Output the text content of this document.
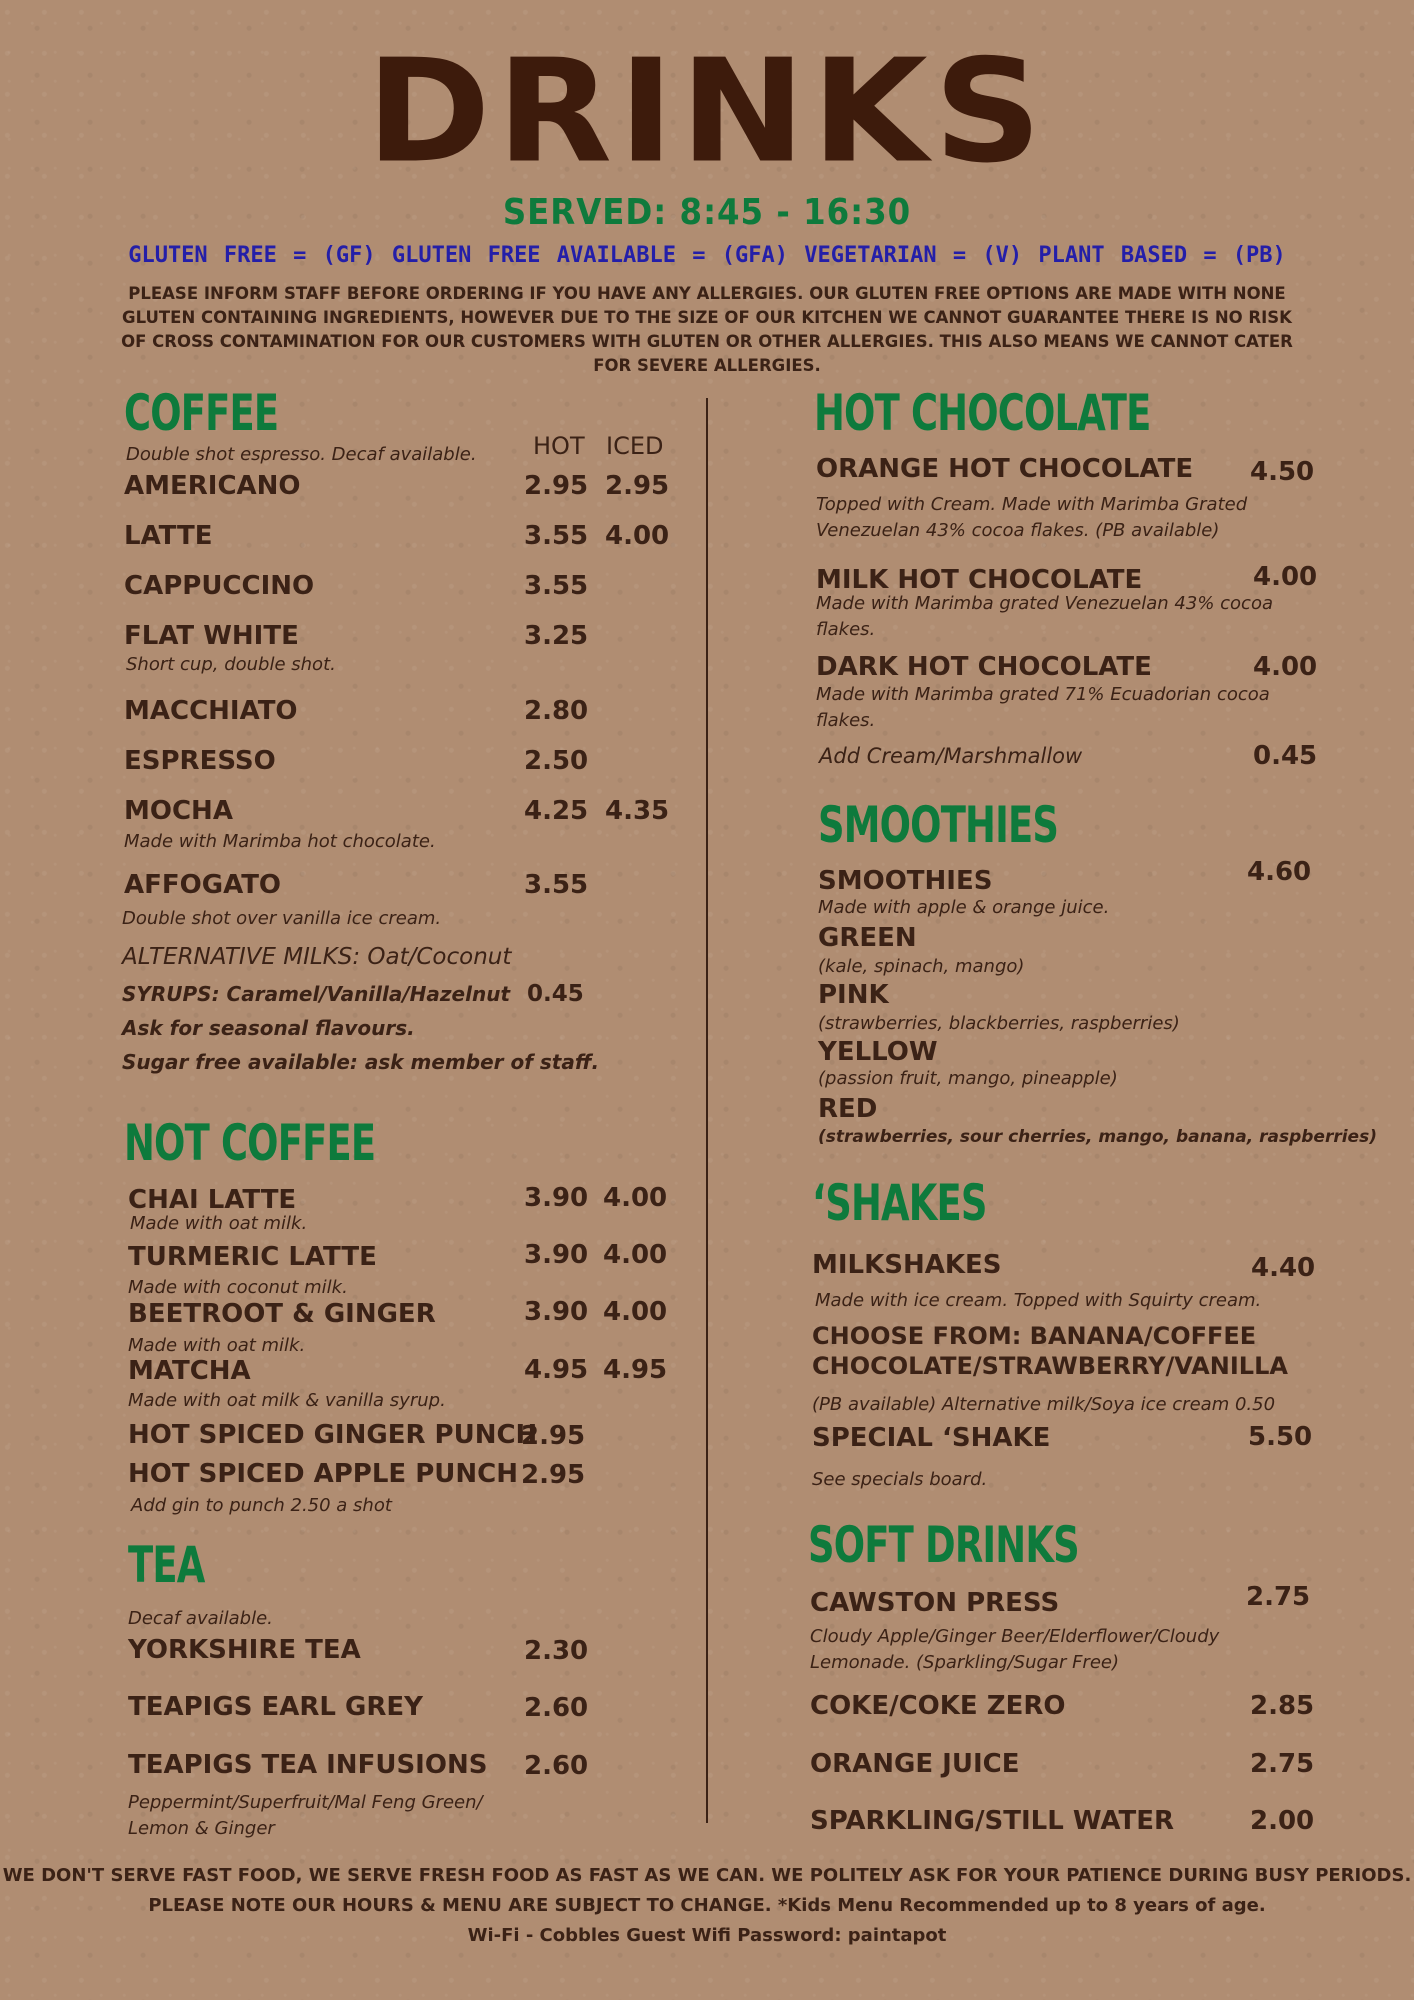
DRINKS
SERVED: 8:45 - 16:30
GLUTEN FREE = (GF) GLUTEN FREE AVAILABLE = (GFA) VEGETARIAN = (V) PLANT BASED = (PB)
PLEASE INFORM STAFF BEFORE ORDERING IF YOU HAVE ANY ALLERGIES. OUR GLUTEN FREE OPTIONS ARE MADE WITH NONE GLUTEN CONTAINING INGREDIENTS, HOWEVER DUE TO THE SIZE OF OUR KITCHEN WE CANNOT GUARANTEE THERE IS NO RISK OF CROSS CONTAMINATION FOR OUR CUSTOMERS WITH GLUTEN OR OTHER ALLERGIES. THIS ALSO MEANS WE CANNOT CATER FOR SEVERE ALLERGIES.
COFFEE
Double shot espresso. Decaf available. HOT ICED
AMERICANO	2.95 2.95
LATTE	3.55 4.00
CAPPUCCINO	3.55
FLAT WHITE	3.25
Short cup, double shot.
MACCHIATO	2.80
ESPRESSO	2.50
MOCHA	4.25 4.35
Made with Marimba hot chocolate.
AFFOGATO	3.55
Double shot over vanilla ice cream.
ALTERNATIVE MILKS: Oat/Coconut
SYRUPS: Caramel/Vanilla/Hazelnut 0.45
Ask for seasonal flavours.
Sugar free available: ask member of staff.
NOT COFFEE
CHAI LATTE	3.90 4.00
Made with oat milk.
TURMERIC LATTE	3.90 4.00
Made with coconut milk.
BEETROOT & GINGER	3.90 4.00
Made with oat milk.
MATCHA	4.95 4.95
Made with oat milk & vanilla syrup.
HOT SPICED GINGER PUNCH
2.95
HOT SPICED APPLE PUNCH 2.95
Add gin to punch 2.50 a shot
TEA
Decaf available.
YORKSHIRE TEA	2.30
TEAPIGS EARL GREY	2.60
TEAPIGS TEA INFUSIONS 2.60
Peppermint/Superfruit/Mal Feng Green/ Lemon & Ginger
HOT CHOCOLATE
ORANGE HOT CHOCOLATE 4.50
Topped with Cream. Made with Marimba Grated Venezuelan 43% cocoa flakes. (PB available)
MILK HOT CHOCOLATE	4.00
Made with Marimba grated Venezuelan 43% cocoa flakes.
DARK HOT CHOCOLATE	4.00
Made with Marimba grated 71% Ecuadorian cocoa flakes.
Add Cream/Marshmallow	0.45
SMOOTHIES
SMOOTHIES	4.60
Made with apple & orange juice.
GREEN
(kale, spinach, mango)
PINK
(strawberries, blackberries, raspberries)
YELLOW
(passion fruit, mango, pineapple)
RED
(strawberries, sour cherries, mango, banana, raspberries)
‘SHAKES
MILKSHAKES	4.40
Made with ice cream. Topped with Squirty cream.
CHOOSE FROM: BANANA/COFFEE
CHOCOLATE/STRAWBERRY/VANILLA
(PB available) Alternative milk/Soya ice cream 0.50
SPECIAL ‘SHAKE	5.50
See specials board.
SOFT DRINKS
CAWSTON PRESS	2.75
Cloudy Apple/Ginger Beer/Elderflower/Cloudy Lemonade. (Sparkling/Sugar Free)
COKE/COKE ZERO	2.85
ORANGE JUICE	2.75
SPARKLING/STILL WATER	2.00
WE DON'T SERVE FAST FOOD, WE SERVE FRESH FOOD AS FAST AS WE CAN. WE POLITELY ASK FOR YOUR PATIENCE DURING BUSY PERIODS.
PLEASE NOTE OUR HOURS & MENU ARE SUBJECT TO CHANGE. *Kids Menu Recommended up to 8 years of age.
Wi-Fi - Cobbles Guest Wifi Password: paintapot
